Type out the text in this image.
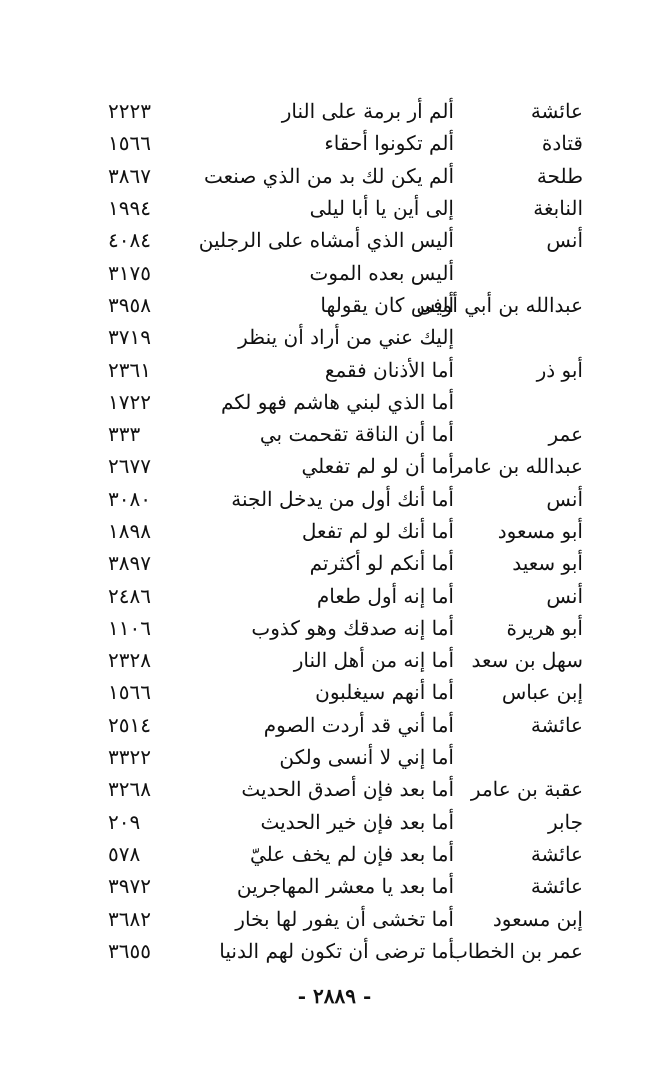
عائشة
ألم أر برمة على النار
٢٢٢٣
قتادة
ألم تكونوا أحقاء
١٥٦٦
طلحة
ألم يكن لك بد من الذي صنعت
٣٨٦٧
النابغة
إلى أين يا أبا ليلى
١٩٩٤
أنس
أليس الذي أمشاه على الرجلين
٤٠٨٤
أليس بعده الموت
٣١٧٥
عبدالله بن أبي أوفى
أليس كان يقولها
٣٩٥٨
إليك عني من أراد أن ينظر
٣٧١٩
أبو ذر
أما الأذنان فقمع
٢٣٦١
أما الذي لبني هاشم فهو لكم
١٧٢٢
عمر
أما أن الناقة تقحمت بي
٣٣٣
عبدالله بن عامر
أما أن لو لم تفعلي
٢٦٧٧
أنس
أما أنك أول من يدخل الجنة
٣٠٨٠
أبو مسعود
أما أنك لو لم تفعل
١٨٩٨
أبو سعيد
أما أنكم لو أكثرتم
٣٨٩٧
أنس
أما إنه أول طعام
٢٤٨٦
أبو هريرة
أما إنه صدقك وهو كذوب
١١٠٦
سهل بن سعد
أما إنه من أهل النار
٢٣٢٨
إبن عباس
أما أنهم سيغلبون
١٥٦٦
عائشة
أما أني قد أردت الصوم
٢٥١٤
أما إني لا أنسى ولكن
٣٣٢٢
عقبة بن عامر
أما بعد فإن أصدق الحديث
٣٢٦٨
جابر
أما بعد فإن خير الحديث
٢٠٩
عائشة
أما بعد فإن لم يخف عليّ
٥٧٨
عائشة
أما بعد يا معشر المهاجرين
٣٩٧٢
إبن مسعود
أما تخشى أن يفور لها بخار
٣٦٨٢
عمر بن الخطاب
أما ترضى أن تكون لهم الدنيا
٣٦٥٥
- ٢٨٨٩ -
